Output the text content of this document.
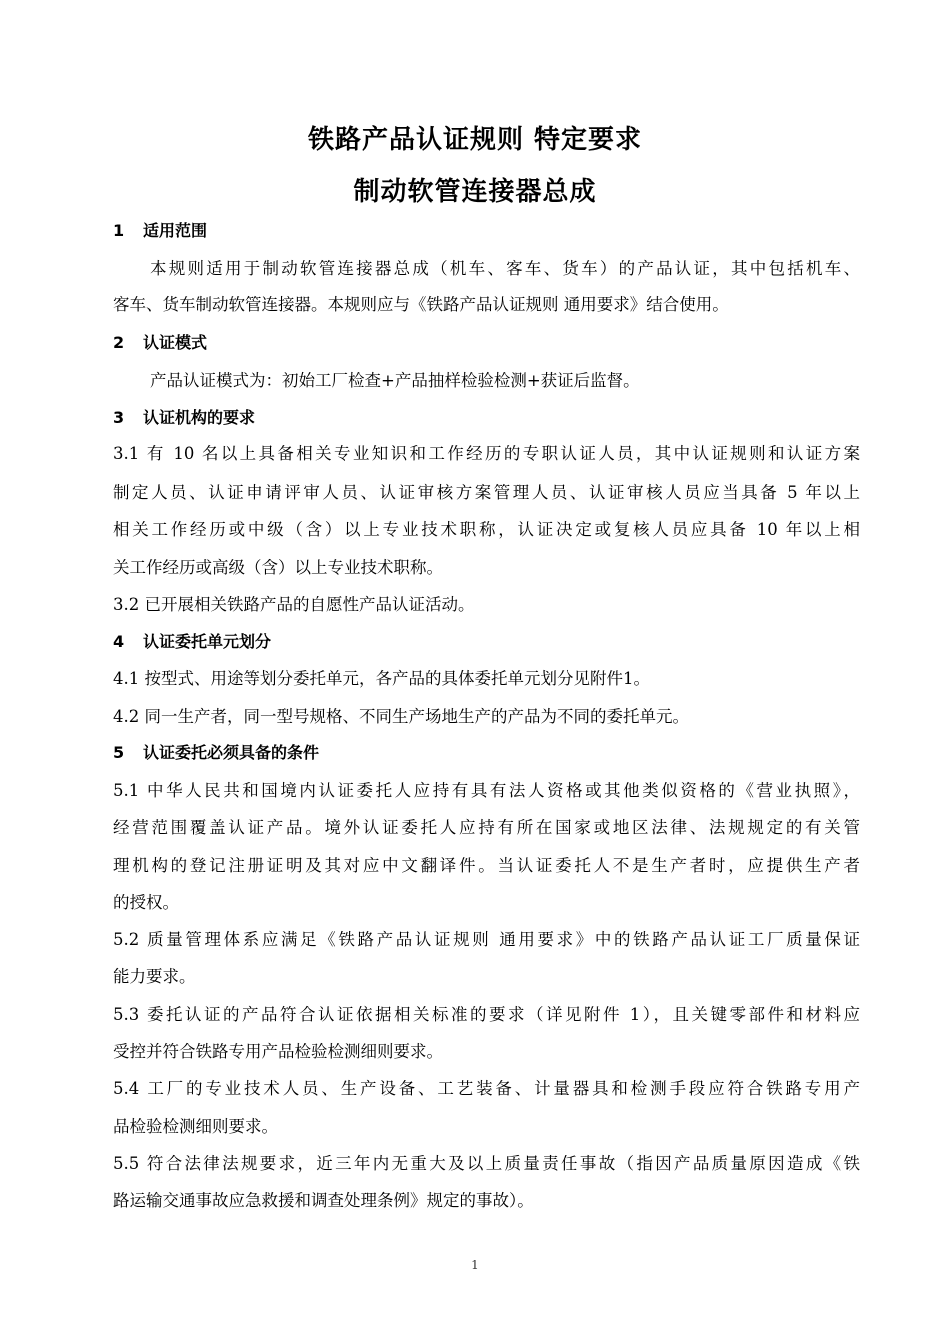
铁路产品认证规则 特定要求
制动软管连接器总成
1 适用范围
本规则适用于制动软管连接器总成（机车、客车、货车）的产品认证，其中包括机车、
客车、货车制动软管连接器。本规则应与《铁路产品认证规则 通用要求》结合使用。
2 认证模式
产品认证模式为：初始工厂检查+产品抽样检验检测+获证后监督。
3 认证机构的要求
3.1 有 10 名以上具备相关专业知识和工作经历的专职认证人员，其中认证规则和认证方案
制定人员、认证申请评审人员、认证审核方案管理人员、认证审核人员应当具备 5 年以上
相关工作经历或中级（含）以上专业技术职称，认证决定或复核人员应具备 10 年以上相
关工作经历或高级（含）以上专业技术职称。
3.2 已开展相关铁路产品的自愿性产品认证活动。
4 认证委托单元划分
4.1 按型式、用途等划分委托单元，各产品的具体委托单元划分见附件1。
4.2 同一生产者，同一型号规格、不同生产场地生产的产品为不同的委托单元。
5 认证委托必须具备的条件
5.1 中华人民共和国境内认证委托人应持有具有法人资格或其他类似资格的《营业执照》，
经营范围覆盖认证产品。境外认证委托人应持有所在国家或地区法律、法规规定的有关管
理机构的登记注册证明及其对应中文翻译件。当认证委托人不是生产者时，应提供生产者
的授权。
5.2 质量管理体系应满足《铁路产品认证规则 通用要求》中的铁路产品认证工厂质量保证
能力要求。
5.3 委托认证的产品符合认证依据相关标准的要求（详见附件 1），且关键零部件和材料应
受控并符合铁路专用产品检验检测细则要求。
5.4 工厂的专业技术人员、生产设备、工艺装备、计量器具和检测手段应符合铁路专用产
品检验检测细则要求。
5.5 符合法律法规要求，近三年内无重大及以上质量责任事故（指因产品质量原因造成《铁
路运输交通事故应急救援和调查处理条例》规定的事故）。
1
